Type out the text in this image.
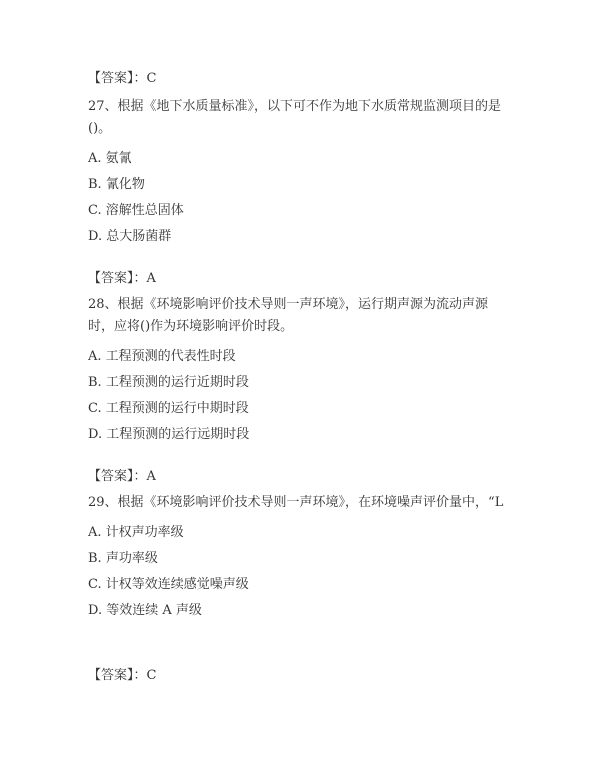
【答案】：C
27、根据《地下水质量标准》，以下可不作为地下水质常规监测项目的是()。
A. 氨氰
B. 氰化物
C. 溶解性总固体
D. 总大肠菌群
【答案】：A
28、根据《环境影响评价技术导则一声环境》，运行期声源为流动声源时，应将()作为环境影响评价时段。
A. 工程预测的代表性时段
B. 工程预测的运行近期时段
C. 工程预测的运行中期时段
D. 工程预测的运行远期时段
【答案】：A
29、根据《环境影响评价技术导则一声环境》，在环境噪声评价量中，“L
A. 计权声功率级
B. 声功率级
C. 计权等效连续感觉噪声级
D. 等效连续 A 声级
【答案】：C
